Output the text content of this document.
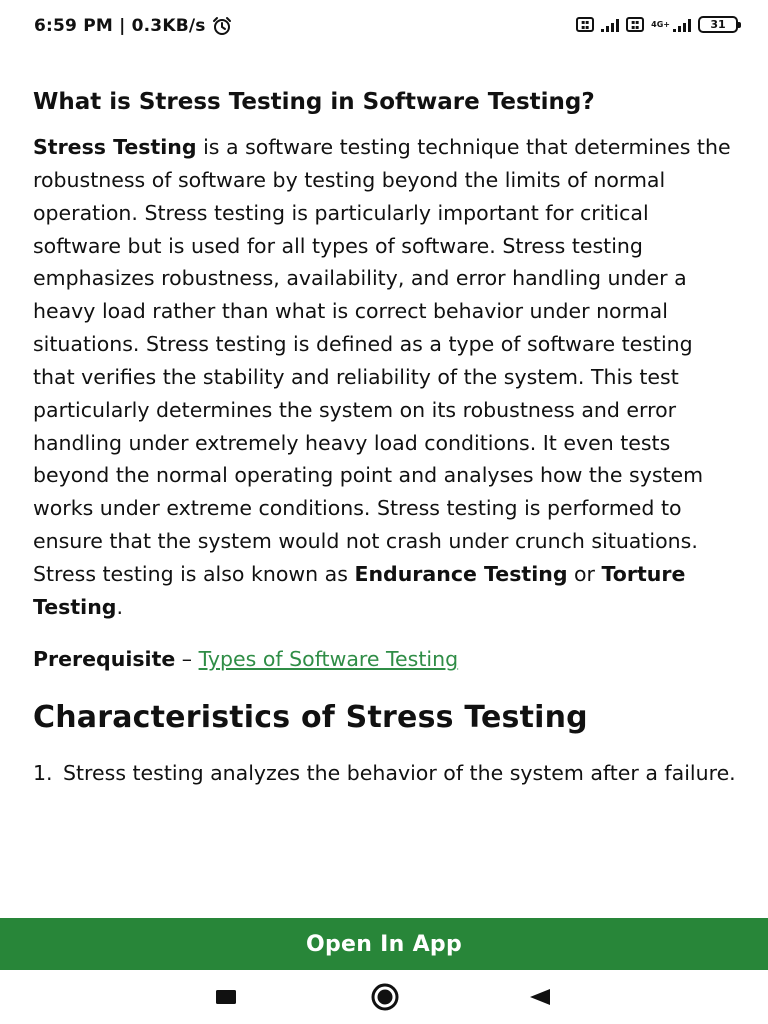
6:59 PM | 0.3KB/s	▪▪
▪▪
▪▪
▪▪	4G+	31
What is Stress Testing in Software Testing?

Stress Testing is a software testing technique that determines the robustness of software by testing beyond the limits of normal operation. Stress testing is particularly important for critical software but is used for all types of software. Stress testing emphasizes robustness, availability, and error handling under a heavy load rather than what is correct behavior under normal situations. Stress testing is defined as a type of software testing that verifies the stability and reliability of the system. This test particularly determines the system on its robustness and error handling under extremely heavy load conditions. It even tests beyond the normal operating point and analyses how the system works under extreme conditions. Stress testing is performed to ensure that the system would not crash under crunch situations. Stress testing is also known as Endurance Testing or Torture Testing.

Prerequisite – Types of Software Testing

Characteristics of Stress Testing
1. Stress testing analyzes the behavior of the system after a failure.
Open In App
